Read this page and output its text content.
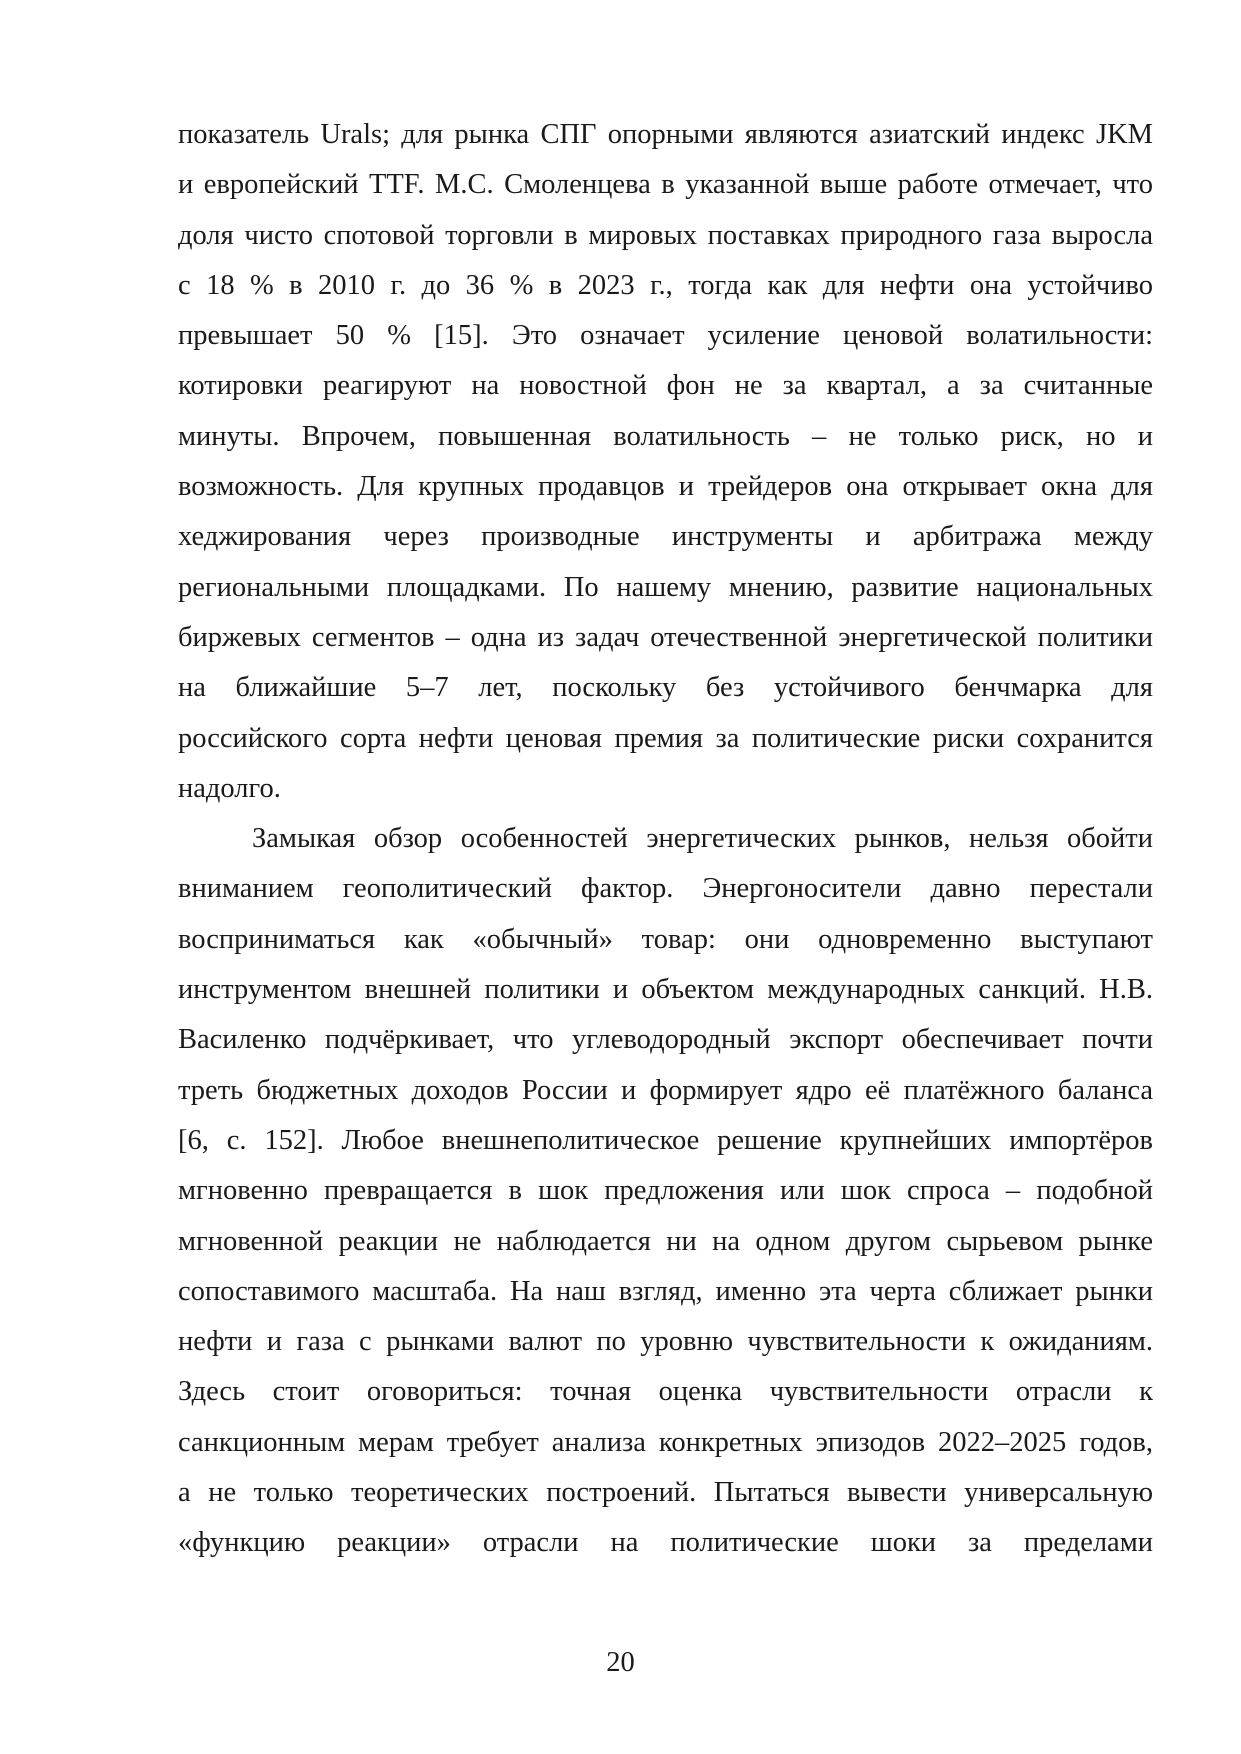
показатель Urals; для рынка СПГ опорными являются азиатский индекс JKM
и европейский TTF. М.С. Смоленцева в указанной выше работе отмечает, что
доля чисто спотовой торговли в мировых поставках природного газа выросла
с 18 % в 2010 г. до 36 % в 2023 г., тогда как для нефти она устойчиво
превышает 50 % [15]. Это означает усиление ценовой волатильности:
котировки реагируют на новостной фон не за квартал, а за считанные
минуты. Впрочем, повышенная волатильность – не только риск, но и
возможность. Для крупных продавцов и трейдеров она открывает окна для
хеджирования через производные инструменты и арбитража между
региональными площадками. По нашему мнению, развитие национальных
биржевых сегментов – одна из задач отечественной энергетической политики
на ближайшие 5–7 лет, поскольку без устойчивого бенчмарка для
российского сорта нефти ценовая премия за политические риски сохранится
надолго.
Замыкая обзор особенностей энергетических рынков, нельзя обойти
вниманием геополитический фактор. Энергоносители давно перестали
восприниматься как «обычный» товар: они одновременно выступают
инструментом внешней политики и объектом международных санкций. Н.В.
Василенко подчёркивает, что углеводородный экспорт обеспечивает почти
треть бюджетных доходов России и формирует ядро её платёжного баланса
[6, с. 152]. Любое внешнеполитическое решение крупнейших импортёров
мгновенно превращается в шок предложения или шок спроса – подобной
мгновенной реакции не наблюдается ни на одном другом сырьевом рынке
сопоставимого масштаба. На наш взгляд, именно эта черта сближает рынки
нефти и газа с рынками валют по уровню чувствительности к ожиданиям.
Здесь стоит оговориться: точная оценка чувствительности отрасли к
санкционным мерам требует анализа конкретных эпизодов 2022–2025 годов,
а не только теоретических построений. Пытаться вывести универсальную
«функцию реакции» отрасли на политические шоки за пределами
20
